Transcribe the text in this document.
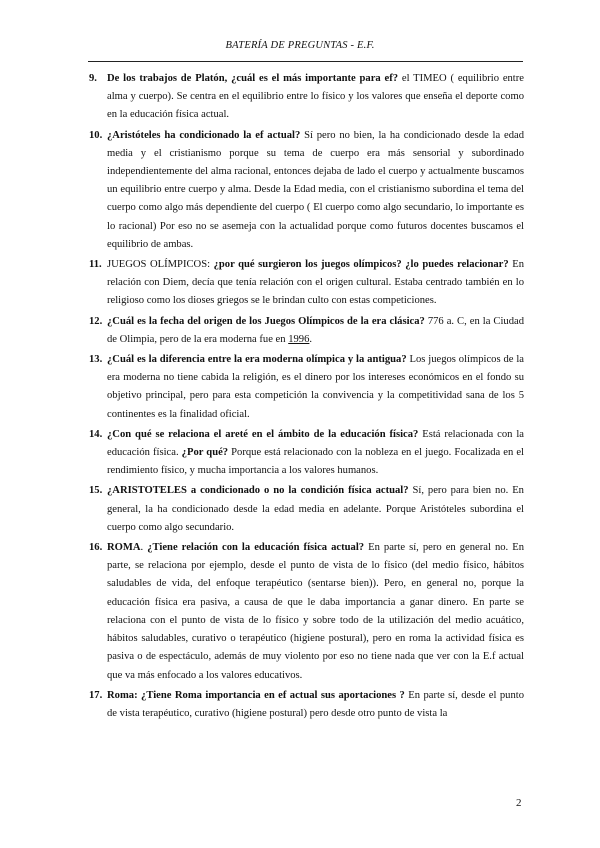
BATERÍA DE PREGUNTAS - E.F.
9. De los trabajos de Platón, ¿cuál es el más importante para ef? el TIMEO ( equilibrio entre alma y cuerpo). Se centra en el equilibrio entre lo físico y los valores que enseña el deporte como en la educación física actual.
10. ¿Aristóteles ha condicionado la ef actual? Sí pero no bien, la ha condicionado desde la edad media y el cristianismo porque su tema de cuerpo era más sensorial y subordinado independientemente del alma racional, entonces dejaba de lado el cuerpo y actualmente buscamos un equilibrio entre cuerpo y alma. Desde la Edad media, con el cristianismo subordina el tema del cuerpo como algo más dependiente del cuerpo ( El cuerpo como algo secundario, lo importante es lo racional) Por eso no se asemeja con la actualidad porque como futuros docentes buscamos el equilibrio de ambas.
11. JUEGOS OLÍMPICOS: ¿por qué surgieron los juegos olímpicos? ¿lo puedes relacionar? En relación con Diem, decía que tenía relación con el origen cultural. Estaba centrado también en lo religioso como los dioses griegos se le brindan culto con estas competiciones.
12. ¿Cuál es la fecha del origen de los Juegos Olímpicos de la era clásica? 776 a. C, en la Ciudad de Olimpia, pero de la era moderna fue en 1996.
13. ¿Cuál es la diferencia entre la era moderna olímpica y la antigua? Los juegos olímpicos de la era moderna no tiene cabida la religión, es el dinero por los intereses económicos en el fondo su objetivo principal, pero para esta competición la convivencia y la competitividad sana de los 5 continentes es la finalidad oficial.
14. ¿Con qué se relaciona el areté en el ámbito de la educación física? Está relacionada con la educación física. ¿Por qué? Porque está relacionado con la nobleza en el juego. Focalizada en el rendimiento físico, y mucha importancia a los valores humanos.
15. ¿ARISTOTELES a condicionado o no la condición física actual? Sí, pero para bien no. En general, la ha condicionado desde la edad media en adelante. Porque Aristóteles subordina el cuerpo como algo secundario.
16. ROMA. ¿Tiene relación con la educación física actual? En parte sí, pero en general no. En parte, se relaciona por ejemplo, desde el punto de vista de lo físico (del medio físico, hábitos saludables de vida, del enfoque terapéutico (sentarse bien)). Pero, en general no, porque la educación física era pasiva, a causa de que le daba importancia a ganar dinero. En parte se relaciona con el punto de vista de lo físico y sobre todo de la utilización del medio acuático, hábitos saludables, curativo o terapéutico (higiene postural), pero en roma la actividad física es pasiva o de espectáculo, además de muy violento por eso no tiene nada que ver con la E.f actual que va más enfocado a los valores educativos.
17. Roma: ¿Tiene Roma importancia en ef actual sus aportaciones ? En parte sí, desde el punto de vista terapéutico, curativo (higiene postural) pero desde otro punto de vista la
2
